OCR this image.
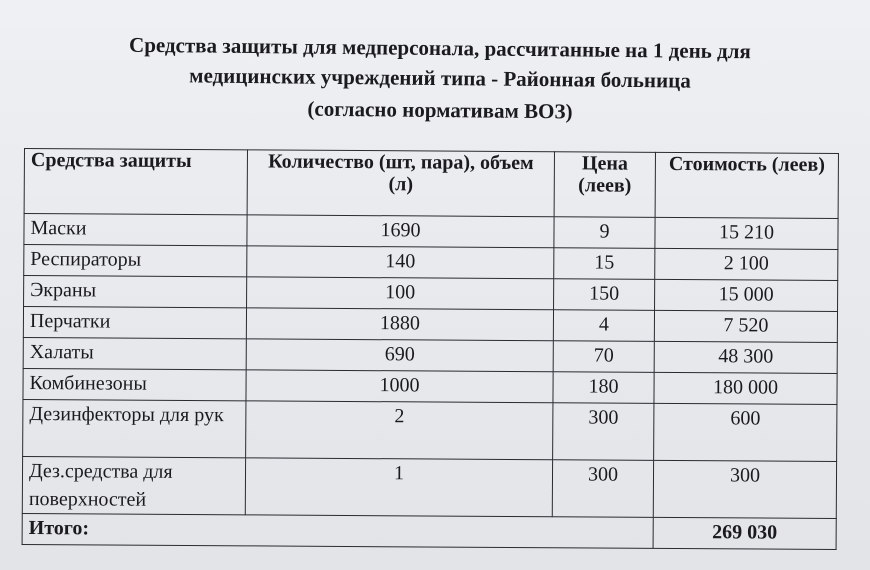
Средства защиты для медперсонала, рассчитанные на 1 день для
медицинских учреждений типа - Районная больница
(согласно нормативам ВОЗ)
Средства защиты	Количество (шт, пара), объем (л)	Цена (леев)	Стоимость (леев)
Маски	1690	9	15 210
Респираторы	140	15	2 100
Экраны	100	150	15 000
Перчатки	1880	4	7 520
Халаты	690	70	48 300
Комбинезоны	1000	180	180 000
Дезинфекторы для рук	2	300	600
Дез.средства для поверхностей	1	300	300
Итого:			269 030
